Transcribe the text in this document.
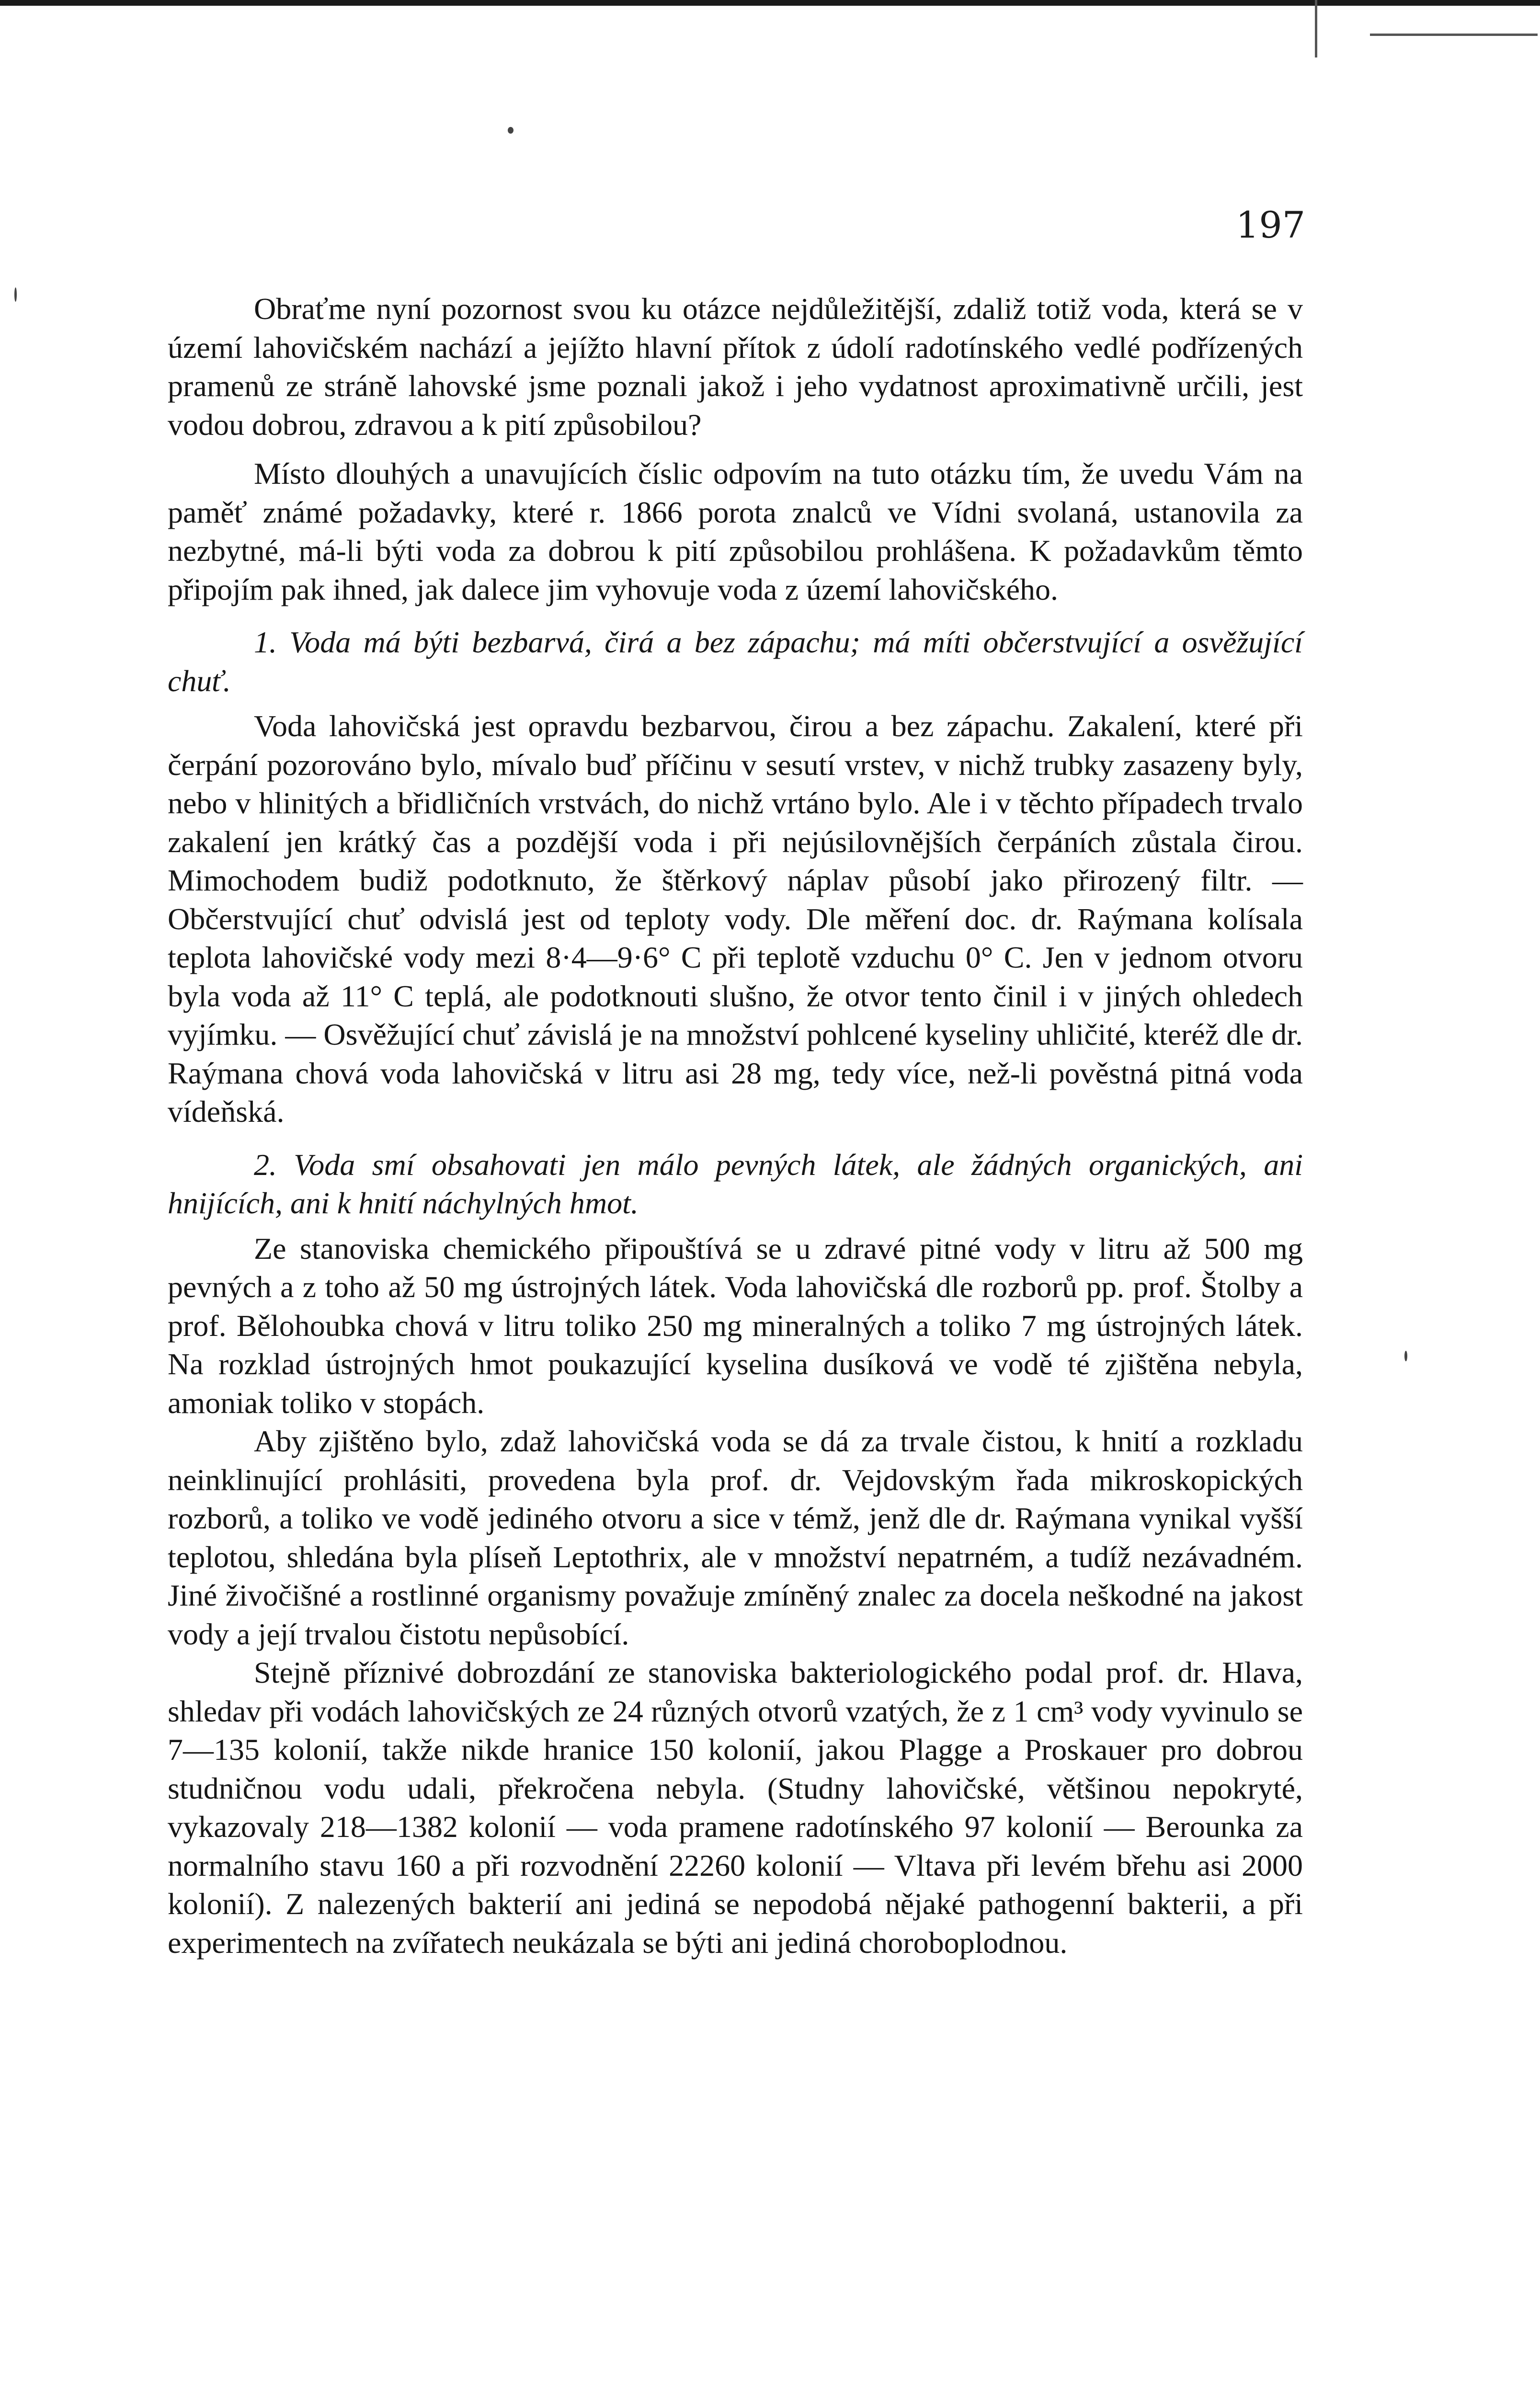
197

Obraťme nyní pozornost svou ku otázce nejdůležitější, zdaliž totiž voda, která se v území lahovičském nachází a jejížto hlavní přítok z údolí radotínského vedlé podřízených pramenů ze stráně lahovské jsme poznali jakož i jeho vydatnost aproximativně určili, jest vodou dobrou, zdravou a k pití způsobilou?

Místo dlouhých a unavujících číslic odpovím na tuto otázku tím, že uvedu Vám na paměť známé požadavky, které r. 1866 porota znalců ve Vídni svolaná, ustanovila za nezbytné, má-li býti voda za dobrou k pití způsobilou prohlášena. K požadavkům těmto připojím pak ihned, jak dalece jim vyhovuje voda z území lahovičského.

1. Voda má býti bezbarvá, čirá a bez zápachu; má míti občerstvující a osvěžující chuť.

Voda lahovičská jest opravdu bezbarvou, čirou a bez zápachu. Zakalení, které při čerpání pozorováno bylo, mívalo buď příčinu v sesutí vrstev, v nichž trubky zasazeny byly, nebo v hlinitých a břidličních vrstvách, do nichž vrtáno bylo. Ale i v těchto případech trvalo zakalení jen krátký čas a pozdější voda i při nejúsilovnějších čerpáních zůstala čirou. Mimochodem budiž podotknuto, že štěrkový náplav působí jako přirozený filtr. — Občerstvující chuť odvislá jest od teploty vody. Dle měření doc. dr. Raýmana kolísala teplota lahovičské vody mezi 8·4—9·6° C při teplotě vzduchu 0° C. Jen v jednom otvoru byla voda až 11° C teplá, ale podotknouti slušno, že otvor tento činil i v jiných ohledech vyjímku. — Osvěžující chuť závislá je na množství pohlcené kyseliny uhličité, kteréž dle dr. Raýmana chová voda lahovičská v litru asi 28 mg, tedy více, než-li pověstná pitná voda vídeňská.

2. Voda smí obsahovati jen málo pevných látek, ale žádných organických, ani hnijících, ani k hnití náchylných hmot.

Ze stanoviska chemického připouštívá se u zdravé pitné vody v litru až 500 mg pevných a z toho až 50 mg ústrojných látek. Voda lahovičská dle rozborů pp. prof. Štolby a prof. Bělohoubka chová v litru toliko 250 mg mineralných a toliko 7 mg ústrojných látek. Na rozklad ústrojných hmot poukazující kyselina dusíková ve vodě té zjištěna nebyla, amoniak toliko v stopách.

Aby zjištěno bylo, zdaž lahovičská voda se dá za trvale čistou, k hnití a rozkladu neinklinující prohlásiti, provedena byla prof. dr. Vejdovským řada mikroskopických rozborů, a toliko ve vodě jediného otvoru a sice v témž, jenž dle dr. Raýmana vynikal vyšší teplotou, shledána byla plíseň Leptothrix, ale v množství nepatrném, a tudíž nezávadném. Jiné živočišné a rostlinné organismy považuje zmíněný znalec za docela neškodné na jakost vody a její trvalou čistotu nepůsobící.

Stejně příznivé dobrozdání ze stanoviska bakteriologického podal prof. dr. Hlava, shledav při vodách lahovičských ze 24 různých otvorů vzatých, že z 1 cm³ vody vyvinulo se 7—135 kolonií, takže nikde hranice 150 kolonií, jakou Plagge a Proskauer pro dobrou studničnou vodu udali, překročena nebyla. (Studny lahovičské, většinou nepokryté, vykazovaly 218—1382 kolonií — voda pramene radotínského 97 kolonií — Berounka za normalního stavu 160 a při rozvodnění 22260 kolonií — Vltava při levém břehu asi 2000 kolonií). Z nalezených bakterií ani jediná se nepodobá nějaké pathogenní bakterii, a při experimentech na zvířatech neukázala se býti ani jediná choroboplodnou.
